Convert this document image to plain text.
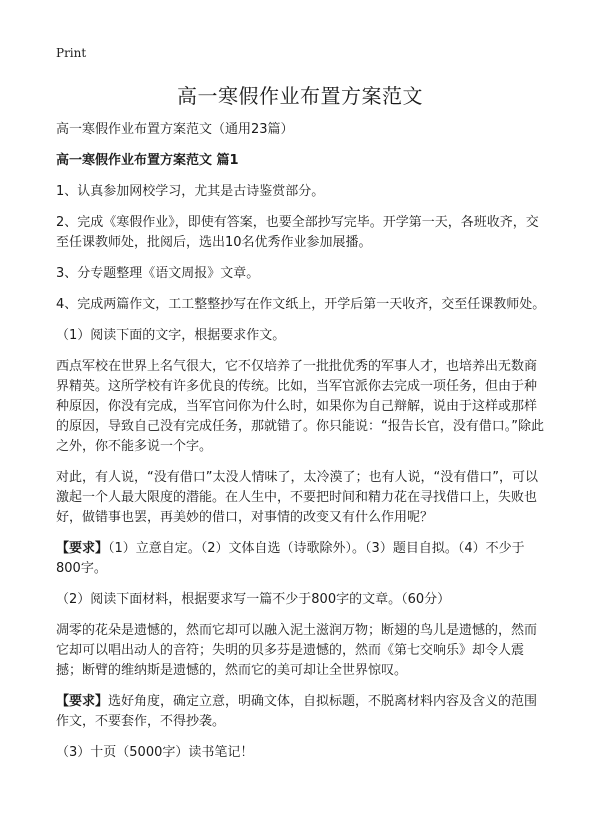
Print
高一寒假作业布置方案范文

高一寒假作业布置方案范文（通用23篇）

高一寒假作业布置方案范文 篇1

1、认真参加网校学习，尤其是古诗鉴赏部分。

2、完成《寒假作业》，即使有答案，也要全部抄写完毕。开学第一天，各班收齐，交至任课教师处，批阅后，选出10名优秀作业参加展播。

3、分专题整理《语文周报》文章。

4、完成两篇作文，工工整整抄写在作文纸上，开学后第一天收齐，交至任课教师处。

（1）阅读下面的文字，根据要求作文。

西点军校在世界上名气很大，它不仅培养了一批批优秀的军事人才，也培养出无数商界精英。这所学校有许多优良的传统。比如，当军官派你去完成一项任务，但由于种种原因，你没有完成，当军官问你为什么时，如果你为自己辩解，说由于这样或那样的原因，导致自己没有完成任务，那就错了。你只能说：“报告长官，没有借口。”除此之外，你不能多说一个字。

对此，有人说，“没有借口”太没人情味了，太冷漠了；也有人说，“没有借口”，可以激起一个人最大限度的潜能。在人生中，不要把时间和精力花在寻找借口上，失败也好，做错事也罢，再美妙的借口，对事情的改变又有什么作用呢？

【要求】（1）立意自定。（2）文体自选（诗歌除外）。（3）题目自拟。（4）不少于800字。

（2）阅读下面材料，根据要求写一篇不少于800字的文章。（60分）

凋零的花朵是遗憾的，然而它却可以融入泥土滋润万物；断翅的鸟儿是遗憾的，然而它却可以唱出动人的音符；失明的贝多芬是遗憾的，然而《第七交响乐》却令人震撼；断臂的维纳斯是遗憾的，然而它的美可却让全世界惊叹。

【要求】选好角度，确定立意，明确文体，自拟标题，不脱离材料内容及含义的范围作文，不要套作，不得抄袭。

（3）十页（5000字）读书笔记！
